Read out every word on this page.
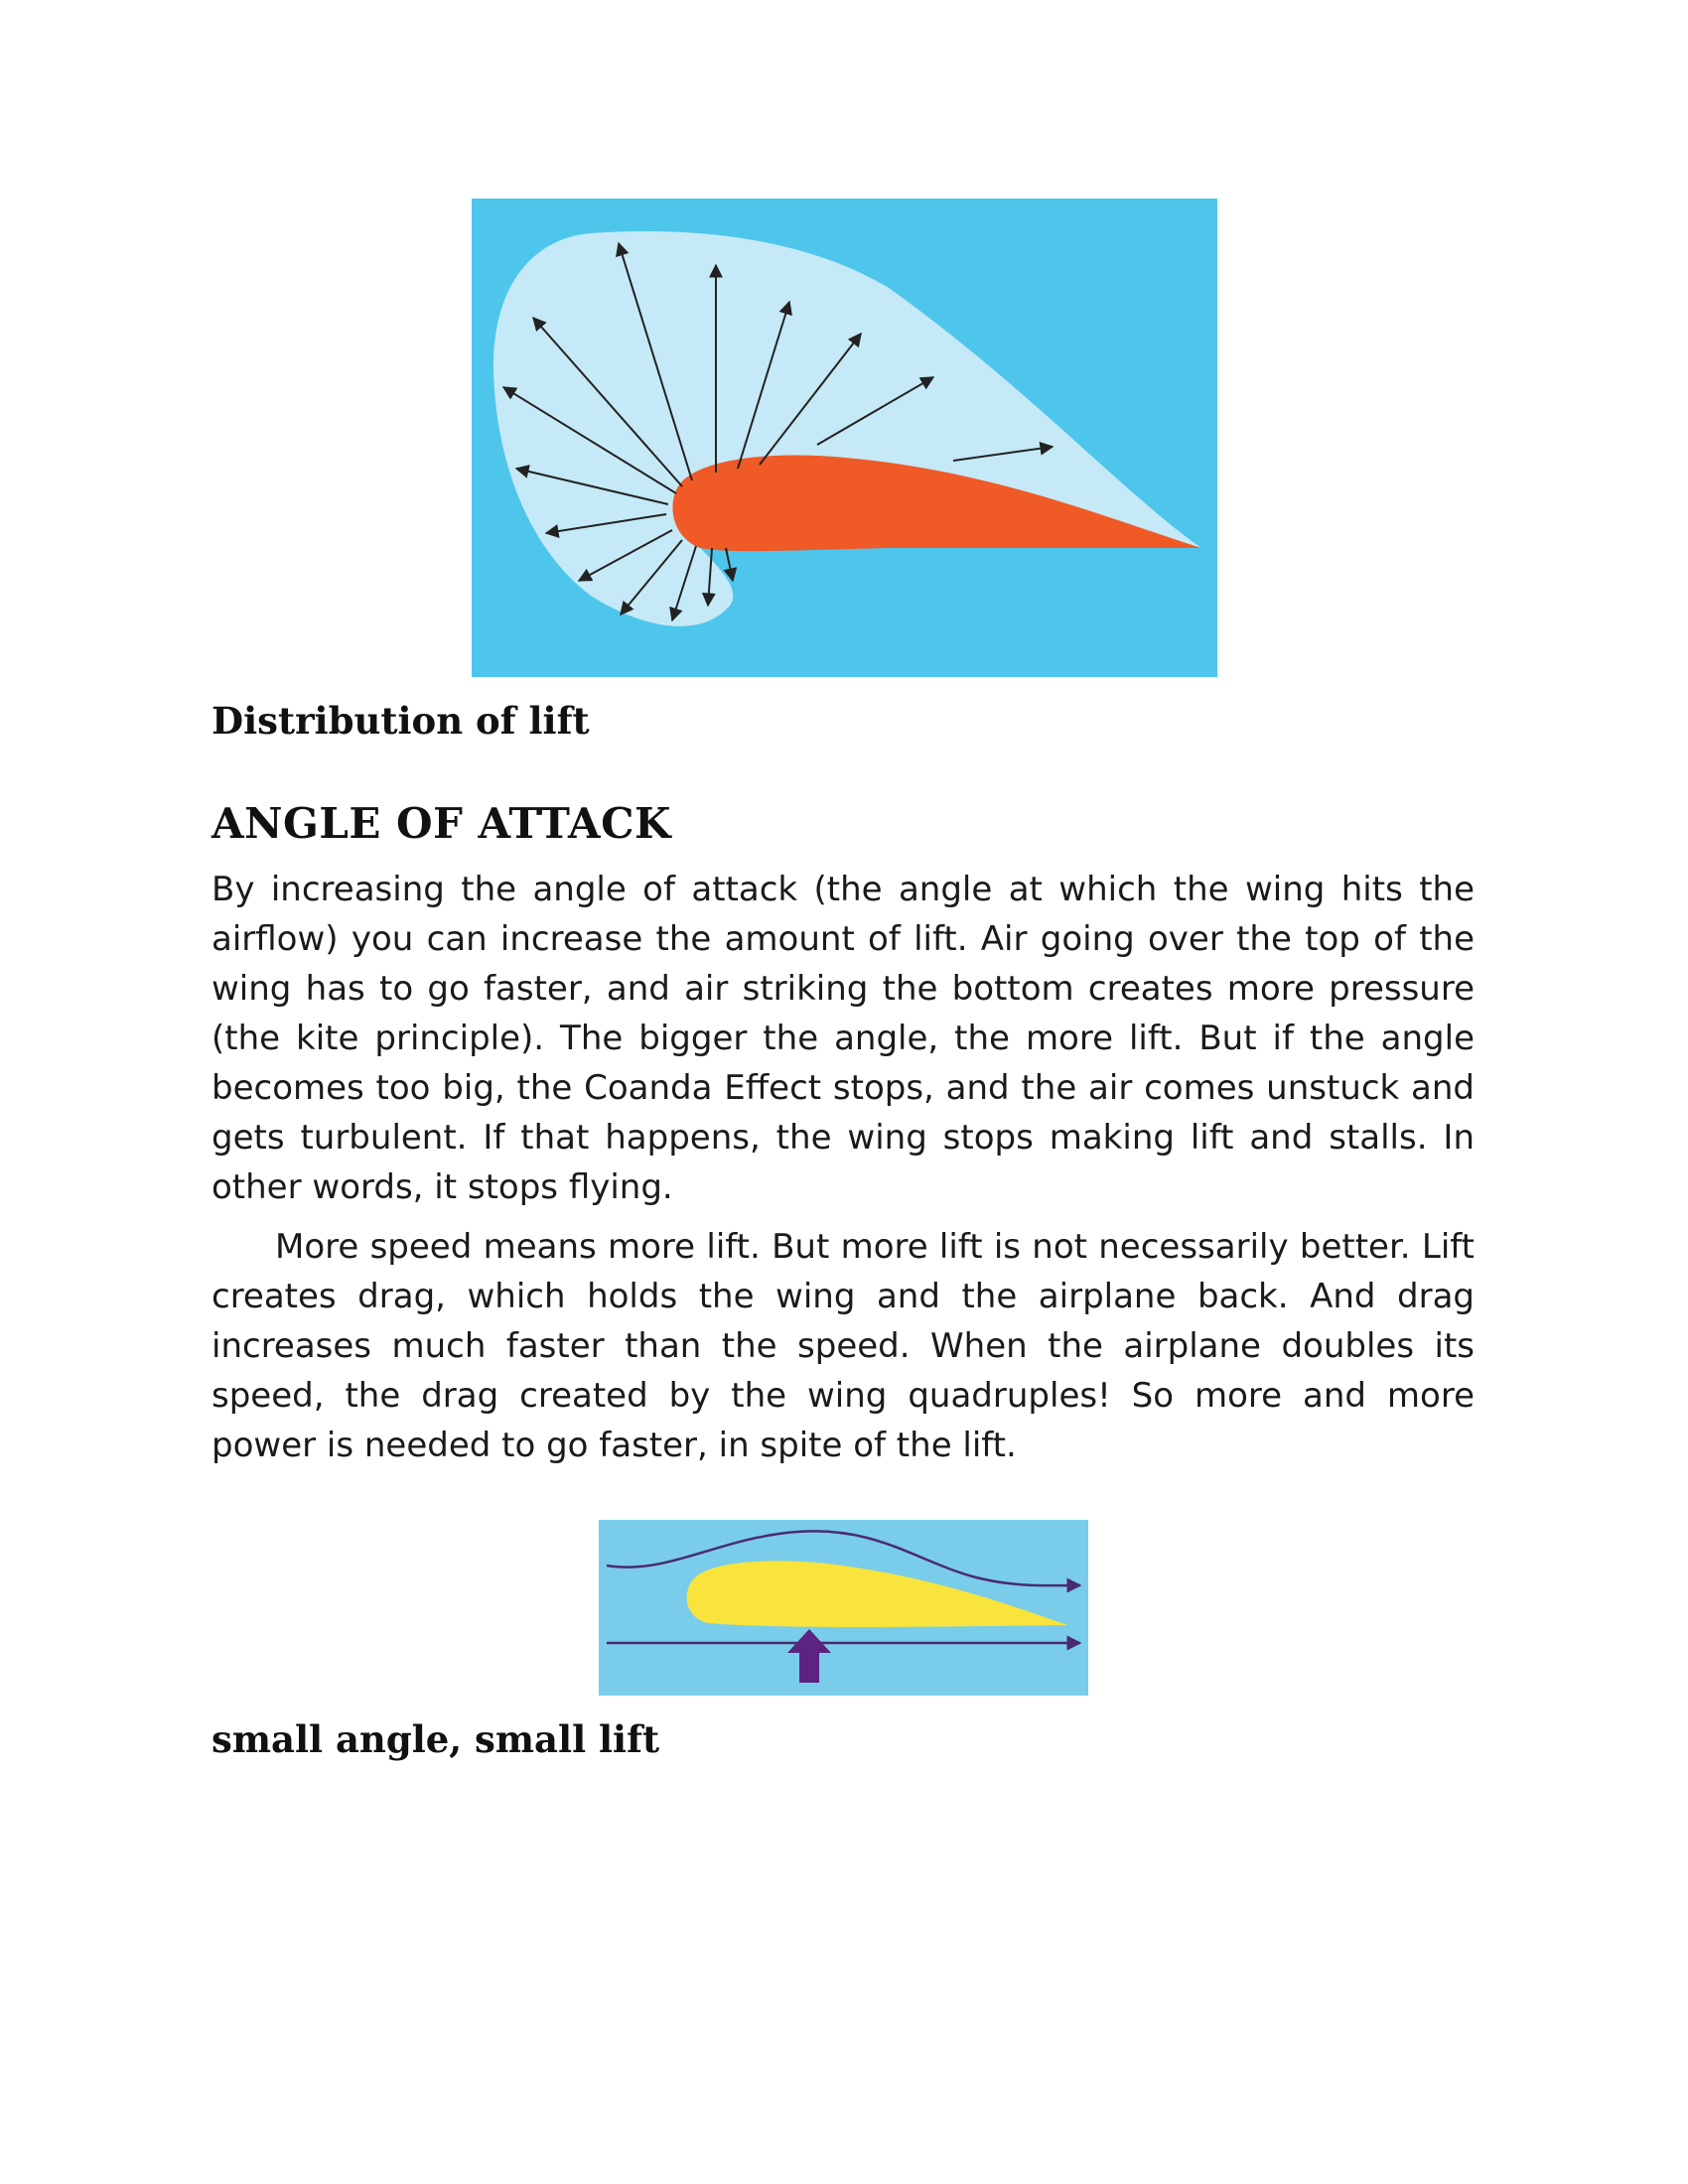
Distribution of lift

ANGLE OF ATTACK

By increasing the angle of attack (the angle at which the wing hits the airflow) you can increase the amount of lift. Air going over the top of the wing has to go faster, and air striking the bottom creates more pressure (the kite principle). The bigger the angle, the more lift. But if the angle becomes too big, the Coanda Effect stops, and the air comes unstuck and gets turbulent. If that happens, the wing stops making lift and stalls. In other words, it stops flying.

More speed means more lift. But more lift is not necessarily better. Lift creates drag, which holds the wing and the airplane back. And drag increases much faster than the speed. When the airplane doubles its speed, the drag created by the wing quadruples! So more and more power is needed to go faster, in spite of the lift.

small angle, small lift
